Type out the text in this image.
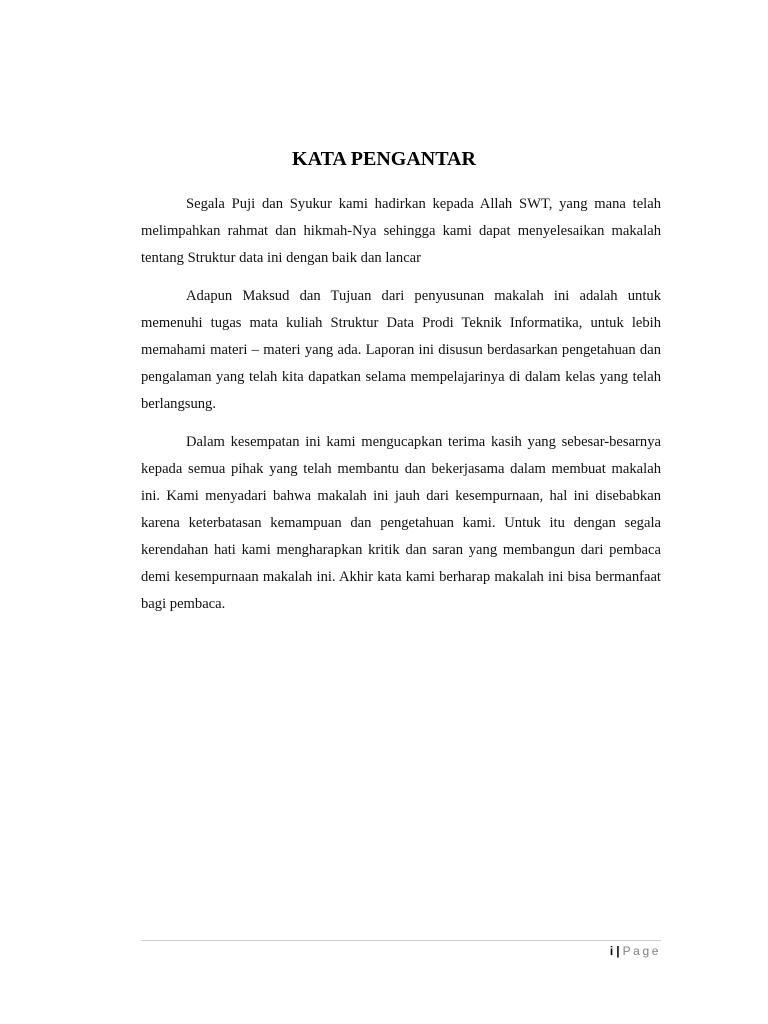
KATA PENGANTAR

Segala Puji dan Syukur kami hadirkan kepada Allah SWT, yang mana telah melimpahkan rahmat dan hikmah-Nya sehingga kami dapat menyelesaikan makalah tentang Struktur data ini dengan baik dan lancar

Adapun Maksud dan Tujuan dari penyusunan makalah ini adalah untuk memenuhi tugas mata kuliah Struktur Data Prodi Teknik Informatika, untuk lebih memahami materi – materi yang ada. Laporan ini disusun berdasarkan pengetahuan dan pengalaman yang telah kita dapatkan selama mempelajarinya di dalam kelas yang telah berlangsung.

Dalam kesempatan ini kami mengucapkan terima kasih yang sebesar-besarnya kepada semua pihak yang telah membantu dan bekerjasama dalam membuat makalah ini. Kami menyadari bahwa makalah ini jauh dari kesempurnaan, hal ini disebabkan karena keterbatasan kemampuan dan pengetahuan kami. Untuk itu dengan segala kerendahan hati kami mengharapkan kritik dan saran yang membangun dari pembaca demi kesempurnaan makalah ini. Akhir kata kami berharap makalah ini bisa bermanfaat bagi pembaca.

i | Page
